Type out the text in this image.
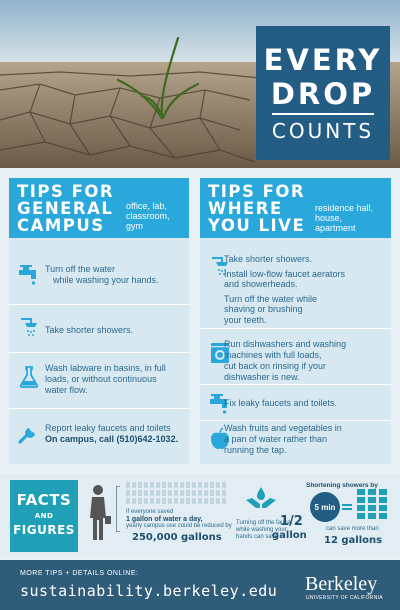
EVERY
DROP
COUNTS
TIPS FOR
GENERAL
CAMPUS
office, lab,
classroom,
gym
Turn off the water
while washing your hands.
Take shorter showers.
Wash labware in basins, in full
loads, or without continuous
water flow.
Report leaky faucets and toilets
On campus, call (510)642-1032.
TIPS FOR
WHERE
YOU LIVE
residence hall,
house,
apartment
Take shorter showers.
Install low-flow faucet aerators
and showerheads.
Turn off the water while
shaving or brushing
your teeth.
Run dishwashers and washing
machines with full loads,
cut back on rinsing if your
dishwasher is new.
Fix leaky faucets and toilets.
Wash fruits and vegetables in
a pan of water rather than
running the tap.
FACTS
AND
FIGURES
If everyone saved
1 gallon of water a day,
yearly campus use could be reduced by
250,000 gallons
Turning off the faucet
while washing your
hands can save
1/2
gallon
Shortening showers by
5 min
can save more than
12 gallons
MORE TIPS + DETAILS ONLINE:
sustainability.berkeley.edu Berkeley
UNIVERSITY OF CALIFORNIA
